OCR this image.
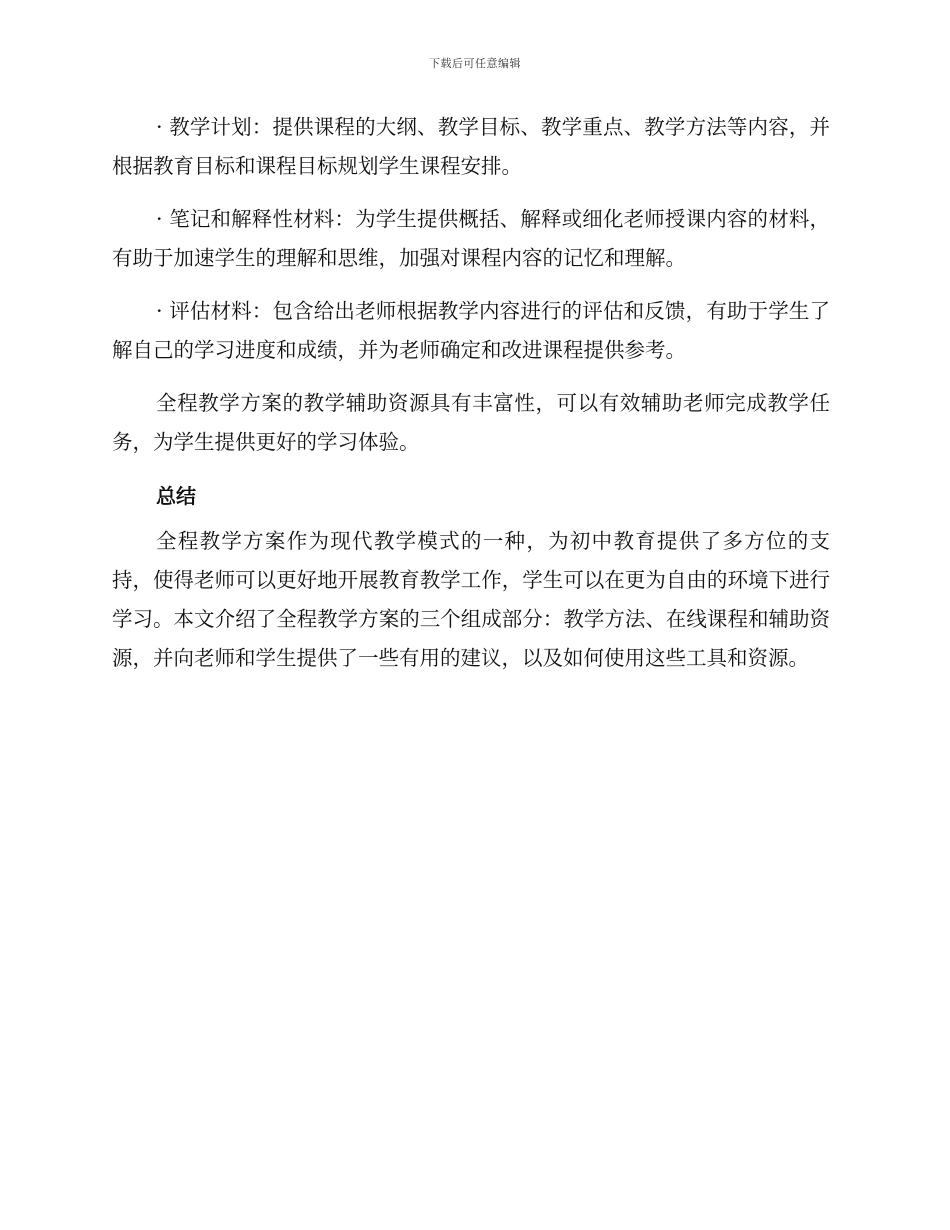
下载后可任意编辑

· 教学计划：提供课程的大纲、教学目标、教学重点、教学方法等内容，并根据教育目标和课程目标规划学生课程安排。

· 笔记和解释性材料：为学生提供概括、解释或细化老师授课内容的材料，有助于加速学生的理解和思维，加强对课程内容的记忆和理解。

· 评估材料：包含给出老师根据教学内容进行的评估和反馈，有助于学生了解自己的学习进度和成绩，并为老师确定和改进课程提供参考。

全程教学方案的教学辅助资源具有丰富性，可以有效辅助老师完成教学任务，为学生提供更好的学习体验。

总结

全程教学方案作为现代教学模式的一种，为初中教育提供了多方位的支持，使得老师可以更好地开展教育教学工作，学生可以在更为自由的环境下进行学习。本文介绍了全程教学方案的三个组成部分：教学方法、在线课程和辅助资源，并向老师和学生提供了一些有用的建议，以及如何使用这些工具和资源。
